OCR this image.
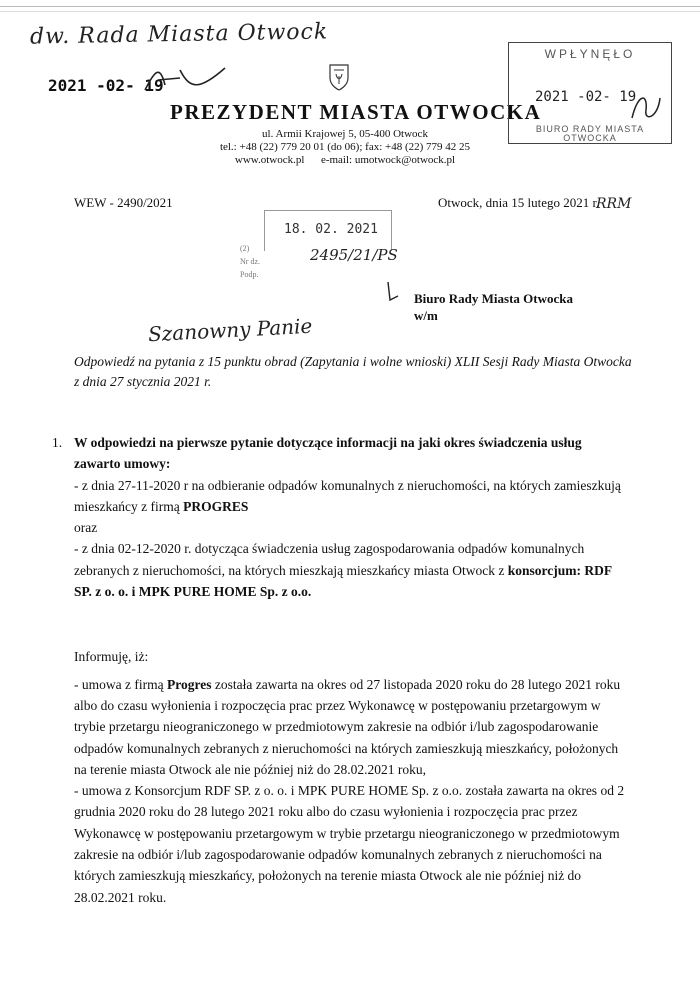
dw. Rada Miasta Otwock
2021 -02- 19
PREZYDENT MIASTA OTWOCKA
ul. Armii Krajowej 5, 05-400 Otwock
tel.: +48 (22) 779 20 01 (do 06); fax: +48 (22) 779 42 25
www.otwock.pl e-mail: umotwock@otwock.pl
WPŁYNĘŁO
2021 -02- 19
BIURO RADY MIASTA OTWOCKA
WEW - 2490/2021	Otwock, dnia 15 lutego 2021 r.
RRM
18. 02. 2021
(2)
Nr dz.
Podp.
2495/21/PS
Biuro Rady Miasta Otwocka
w/m
Szanowny Panie
Odpowiedź na pytania z 15 punktu obrad (Zapytania i wolne wnioski) XLII Sesji Rady Miasta Otwocka z dnia 27 stycznia 2021 r.
1. W odpowiedzi na pierwsze pytanie dotyczące informacji na jaki okres świadczenia usług zawarto umowy:

- z dnia 27-11-2020 r na odbieranie odpadów komunalnych z nieruchomości, na których zamieszkują mieszkańcy z firmą PROGRES

oraz

- z dnia 02-12-2020 r. dotycząca świadczenia usług zagospodarowania odpadów komunalnych zebranych z nieruchomości, na których mieszkają mieszkańcy miasta Otwock z konsorcjum: RDF SP. z o. o. i MPK PURE HOME Sp. z o.o.

Informuję, iż:

- umowa z firmą Progres została zawarta na okres od 27 listopada 2020 roku do 28 lutego 2021 roku albo do czasu wyłonienia i rozpoczęcia prac przez Wykonawcę w postępowaniu przetargowym w trybie przetargu nieograniczonego w przedmiotowym zakresie na odbiór i/lub zagospodarowanie odpadów komunalnych zebranych z nieruchomości na których zamieszkują mieszkańcy, położonych na terenie miasta Otwock ale nie później niż do 28.02.2021 roku,

- umowa z Konsorcjum RDF SP. z o. o. i MPK PURE HOME Sp. z o.o. została zawarta na okres od 2 grudnia 2020 roku do 28 lutego 2021 roku albo do czasu wyłonienia i rozpoczęcia prac przez Wykonawcę w postępowaniu przetargowym w trybie przetargu nieograniczonego w przedmiotowym zakresie na odbiór i/lub zagospodarowanie odpadów komunalnych zebranych z nieruchomości na których zamieszkują mieszkańcy, położonych na terenie miasta Otwock ale nie później niż do 28.02.2021 roku.
